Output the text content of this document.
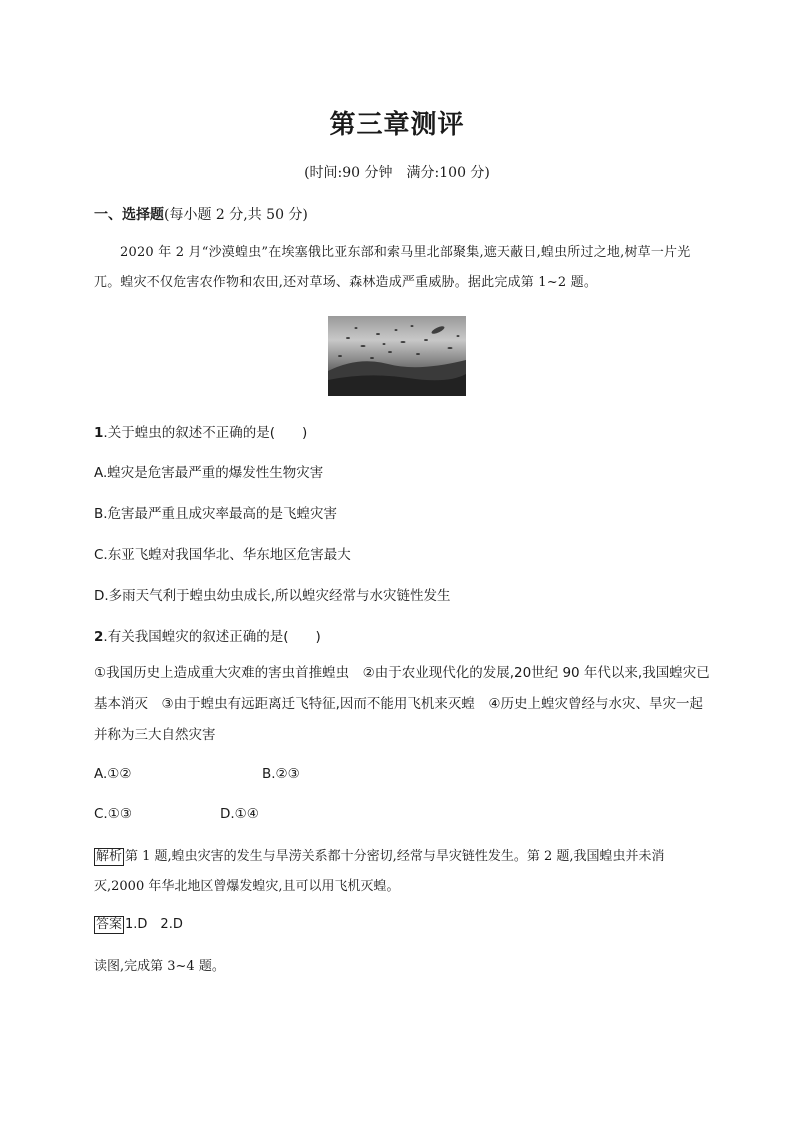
第三章测评
(时间:90 分钟　满分:100 分)
一、选择题(每小题 2 分,共 50 分)
2020 年 2 月“沙漠蝗虫”在埃塞俄比亚东部和索马里北部聚集,遮天蔽日,蝗虫所过之地,树草一片光兀。蝗灾不仅危害农作物和农田,还对草场、森林造成严重威胁。据此完成第 1~2 题。
1.关于蝗虫的叙述不正确的是(　　)
A.蝗灾是危害最严重的爆发性生物灾害
B.危害最严重且成灾率最高的是飞蝗灾害
C.东亚飞蝗对我国华北、华东地区危害最大
D.多雨天气利于蝗虫幼虫成长,所以蝗灾经常与水灾链性发生
2.有关我国蝗灾的叙述正确的是(　　)
①我国历史上造成重大灾难的害虫首推蝗虫　②由于农业现代化的发展,20世纪 90 年代以来,我国蝗灾已基本消灭　③由于蝗虫有远距离迁飞特征,因而不能用飞机来灭蝗　④历史上蝗灾曾经与水灾、旱灾一起并称为三大自然灾害
A.①②	B.②③
C.①③	D.①④
解析 第 1 题,蝗虫灾害的发生与旱涝关系都十分密切,经常与旱灾链性发生。第 2 题,我国蝗虫并未消灭,2000 年华北地区曾爆发蝗灾,且可以用飞机灭蝗。
答案 1.D　2.D
读图,完成第 3~4 题。
